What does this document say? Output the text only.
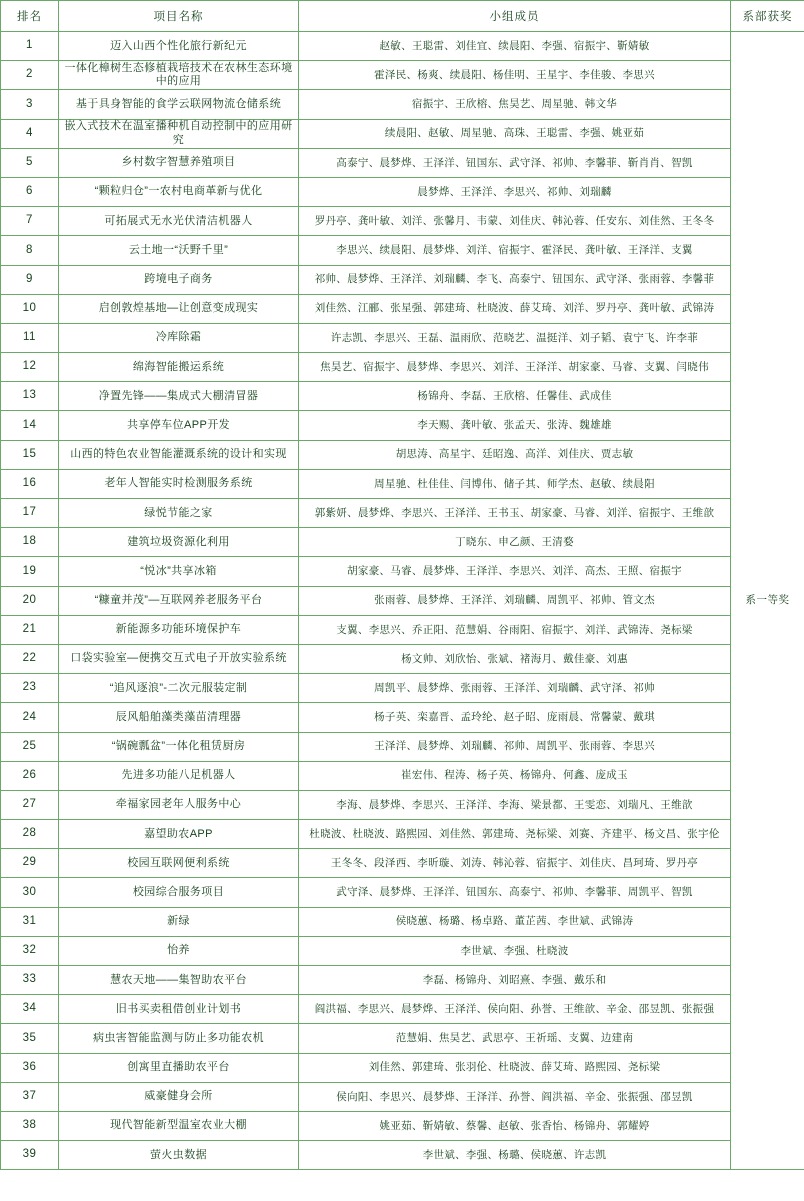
排名	项目名称	小组成员	系部获奖
1	迈入山西个性化旅行新纪元	赵敏、王聪雷、刘佳宜、续晨阳、李强、宿振宇、靳婧敏	系一等奖
2	一体化樟树生态修植栽培技术在农林生态环境中的应用	霍泽民、杨爽、续晨阳、杨佳明、王星宇、李佳骏、李思兴	
3	基于具身智能的食学云联网物流仓储系统	宿振宇、王欣榕、焦昊艺、周星驰、韩文华	
4	嵌入式技术在温室播种机自动控制中的应用研究	续晨阳、赵敏、周星驰、高珠、王聪雷、李强、姚亚茹	
5	乡村数字智慧养殖项目	高泰宁、晨梦烨、王泽洋、钮国东、武守泽、祁帅、李馨菲、靳肖肖、智凯	
6	“颗粒归仓”一农村电商革新与优化	晨梦烨、王泽洋、李思兴、祁帅、刘瑞麟	
7	可拓展式无水光伏清洁机器人	罗丹亭、龚叶敏、刘洋、张馨月、韦蒙、刘佳庆、韩沁蓉、任安东、刘佳然、王冬冬	
8	云土地一“沃野千里”	李思兴、续晨阳、晨梦烨、刘洋、宿振宇、霍泽民、龚叶敏、王泽洋、支翼	
9	跨境电子商务	祁帅、晨梦烨、王泽洋、刘瑞麟、李飞、高泰宁、钮国东、武守泽、张雨蓉、李馨菲	
10	启创敦煌基地—让创意变成现实	刘佳然、江郦、张星强、郭建琦、杜晓波、薛艾琦、刘洋、罗丹亭、龚叶敏、武锦涛	
11	冷库除霜	许志凯、李思兴、王磊、温雨欣、范晓艺、温挺洋、刘子韬、袁宁飞、许李菲	
12	绵海智能搬运系统	焦昊艺、宿振宇、晨梦烨、李思兴、刘洋、王泽洋、胡家豪、马睿、支翼、闫晓伟	
13	净置先锋——集成式大棚清冒器	杨锦舟、李磊、王欣榕、任馨佳、武成佳	
14	共享停车位APP开发	李天赐、龚叶敏、张孟天、张涛、魏雄雄	
15	山西的特色农业智能灌溉系统的设计和实现	胡思涛、高星宇、廷昭逸、高洋、刘佳庆、贾志敏	
16	老年人智能实时检测服务系统	周星驰、杜佳佳、闫博伟、储子其、师学杰、赵敏、续晨阳	
17	绿悦节能之家	郭紫妍、晨梦烨、李思兴、王泽洋、王书玉、胡家豪、马睿、刘洋、宿振宇、王维歆	
18	建筑垃圾资源化利用	丁晓东、申乙颜、王清婺	
19	“悦冰”共享冰箱	胡家豪、马睿、晨梦烨、王泽洋、李思兴、刘洋、高杰、王照、宿振宇	
20	“糠童并茂”—互联网养老服务平台	张雨蓉、晨梦烨、王泽洋、刘瑞麟、周凯平、祁帅、管文杰	
21	新能源多功能环境保护车	支翼、李思兴、乔正阳、范慧娟、谷雨阳、宿振宇、刘洋、武锦涛、尧标梁	
22	口袋实验室—便携交互式电子开放实验系统	杨文帅、刘欣怡、张斌、褚海月、戴佳豪、刘惠	
23	“追风逐浪”-二次元服装定制	周凯平、晨梦烨、张雨蓉、王泽洋、刘瑞麟、武守泽、祁帅	
24	辰风船舶藻类藻苗清理器	杨子英、栾嘉晋、孟玲纶、赵子昭、庞雨晨、常馨蒙、戴琪	
25	“锅碗瓢盆”一体化租赁厨房	王泽洋、晨梦烨、刘瑞麟、祁帅、周凯平、张雨蓉、李思兴	
26	先进多功能八足机器人	崔宏伟、程涛、杨子英、杨锦舟、何鑫、庞成玉	
27	牵福家园老年人服务中心	李海、晨梦烨、李思兴、王泽洋、李海、梁景都、王雯恋、刘瑞凡、王维歆	
28	嘉望助农APP	杜晓波、杜晓波、路熙园、刘佳然、郭建琦、尧标梁、刘赛、齐建平、杨文昌、张宇伦	
29	校园互联网便利系统	王冬冬、段泽西、李昕璇、刘涛、韩沁蓉、宿振宇、刘佳庆、昌珂琦、罗丹亭	
30	校园综合服务项目	武守泽、晨梦烨、王泽洋、钮国东、高泰宁、祁帅、李馨菲、周凯平、智凯	
31	新绿	侯晓蕙、杨璐、杨卓路、董芷茜、李世斌、武锦涛	
32	怡养	李世斌、李强、杜晓波	
33	慧农天地——集智助农平台	李磊、杨锦舟、刘昭熹、李强、戴乐和	
34	旧书买卖租借创业计划书	阎洪福、李思兴、晨梦烨、王泽洋、侯向阳、孙誉、王维歆、辛金、邵昱凯、张振强	
35	病虫害智能监测与防止多功能农机	范慧娟、焦昊艺、武思亭、王祈瑶、支翼、边建南	
36	创寓里直播助农平台	刘佳然、郭建琦、张羽伦、杜晓波、薛艾琦、路熙园、尧标梁	
37	威豪健身会所	侯向阳、李思兴、晨梦烨、王泽洋、孙誉、阎洪福、辛金、张振强、邵昱凯	
38	现代智能新型温室农业大棚	姚亚茹、靳婧敏、蔡馨、赵敏、张香怡、杨锦舟、郭耀婷	
39	萤火虫数据	李世斌、李强、杨璐、侯晓蕙、许志凯	
